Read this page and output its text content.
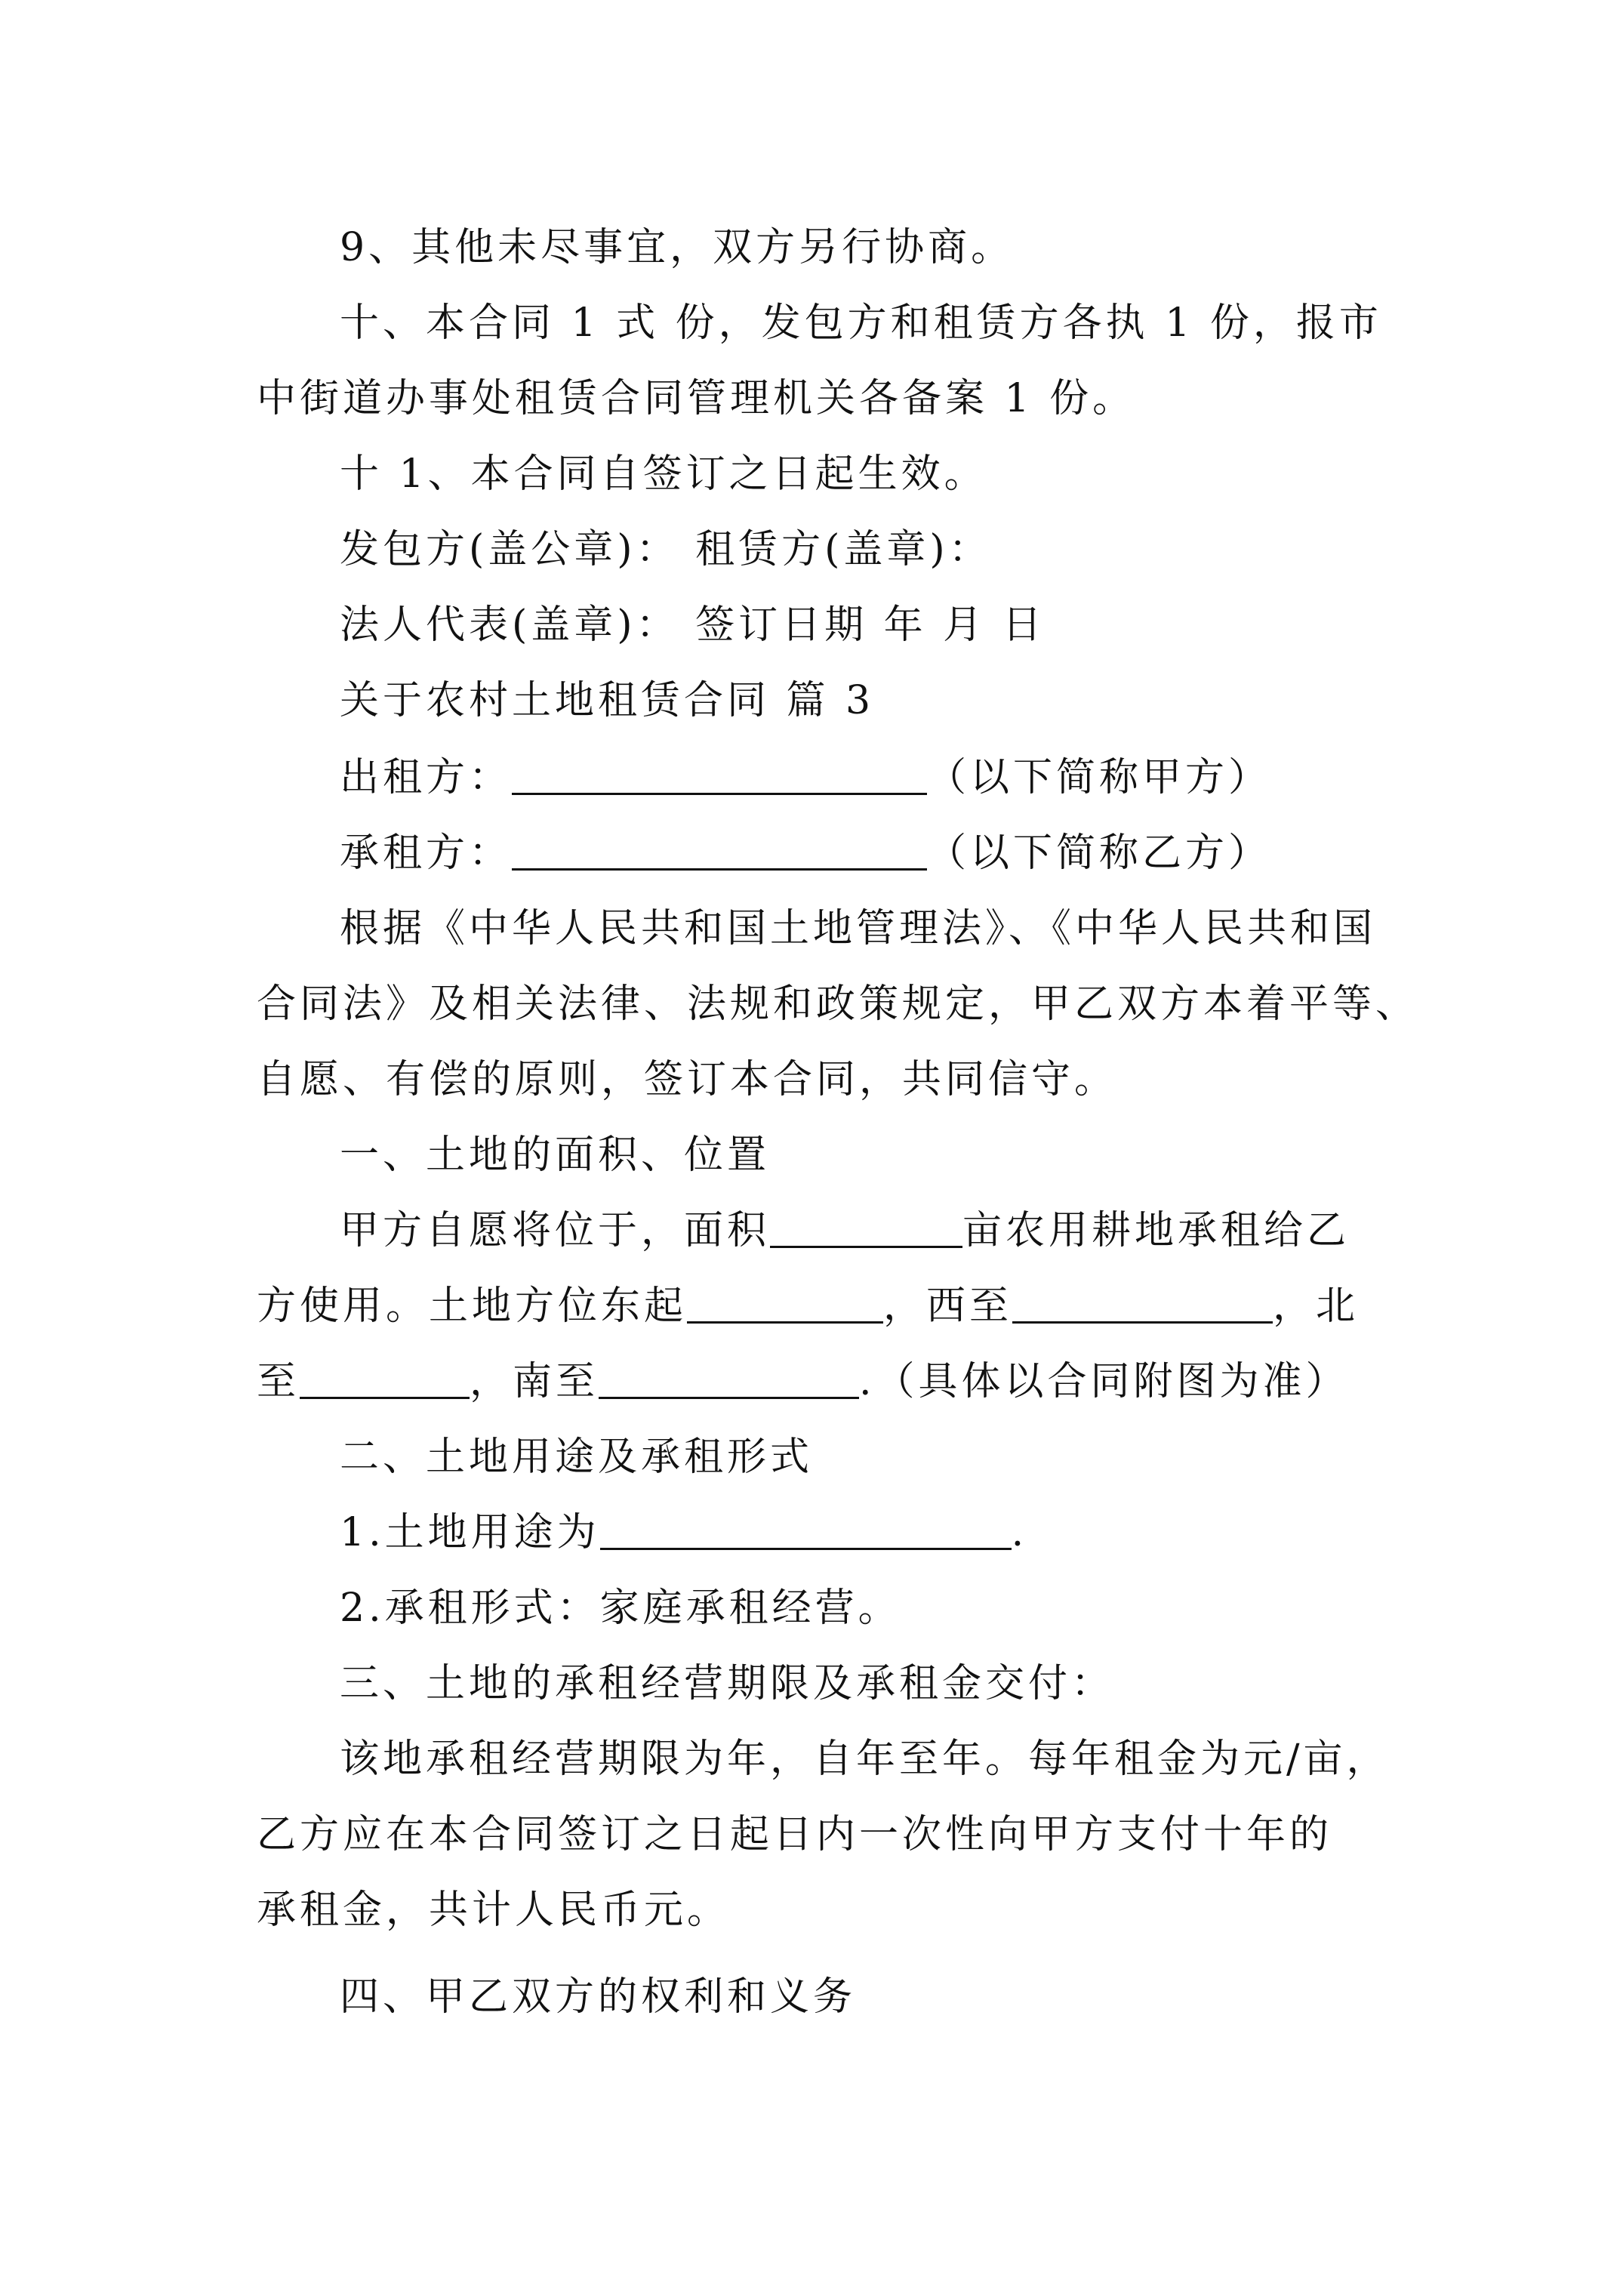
9、其他未尽事宜，双方另行协商。
十、本合同 1 式 份，发包方和租赁方各执 1 份，报市
中街道办事处租赁合同管理机关各备案 1 份。
十 1、本合同自签订之日起生效。
发包方(盖公章)： 租赁方(盖章)：
法人代表(盖章)： 签订日期 年 月 日
关于农村土地租赁合同 篇 3
出租方：	（以下简称甲方）
承租方：	（以下简称乙方）
根据《中华人民共和国土地管理法》、《中华人民共和国
合同法》及相关法律、法规和政策规定，甲乙双方本着平等、
自愿、有偿的原则，签订本合同，共同信守。
一、土地的面积、位置
甲方自愿将位于，面积	亩农用耕地承租给乙
方使用。土地方位东起	，西至	，北
至	，南至	.（具体以合同附图为准）
二、土地用途及承租形式
1.土地用途为	.
2.承租形式：家庭承租经营。
三、土地的承租经营期限及承租金交付：
该地承租经营期限为年，自年至年。每年租金为元/亩，
乙方应在本合同签订之日起日内一次性向甲方支付十年的
承租金，共计人民币元。
四、甲乙双方的权利和义务
